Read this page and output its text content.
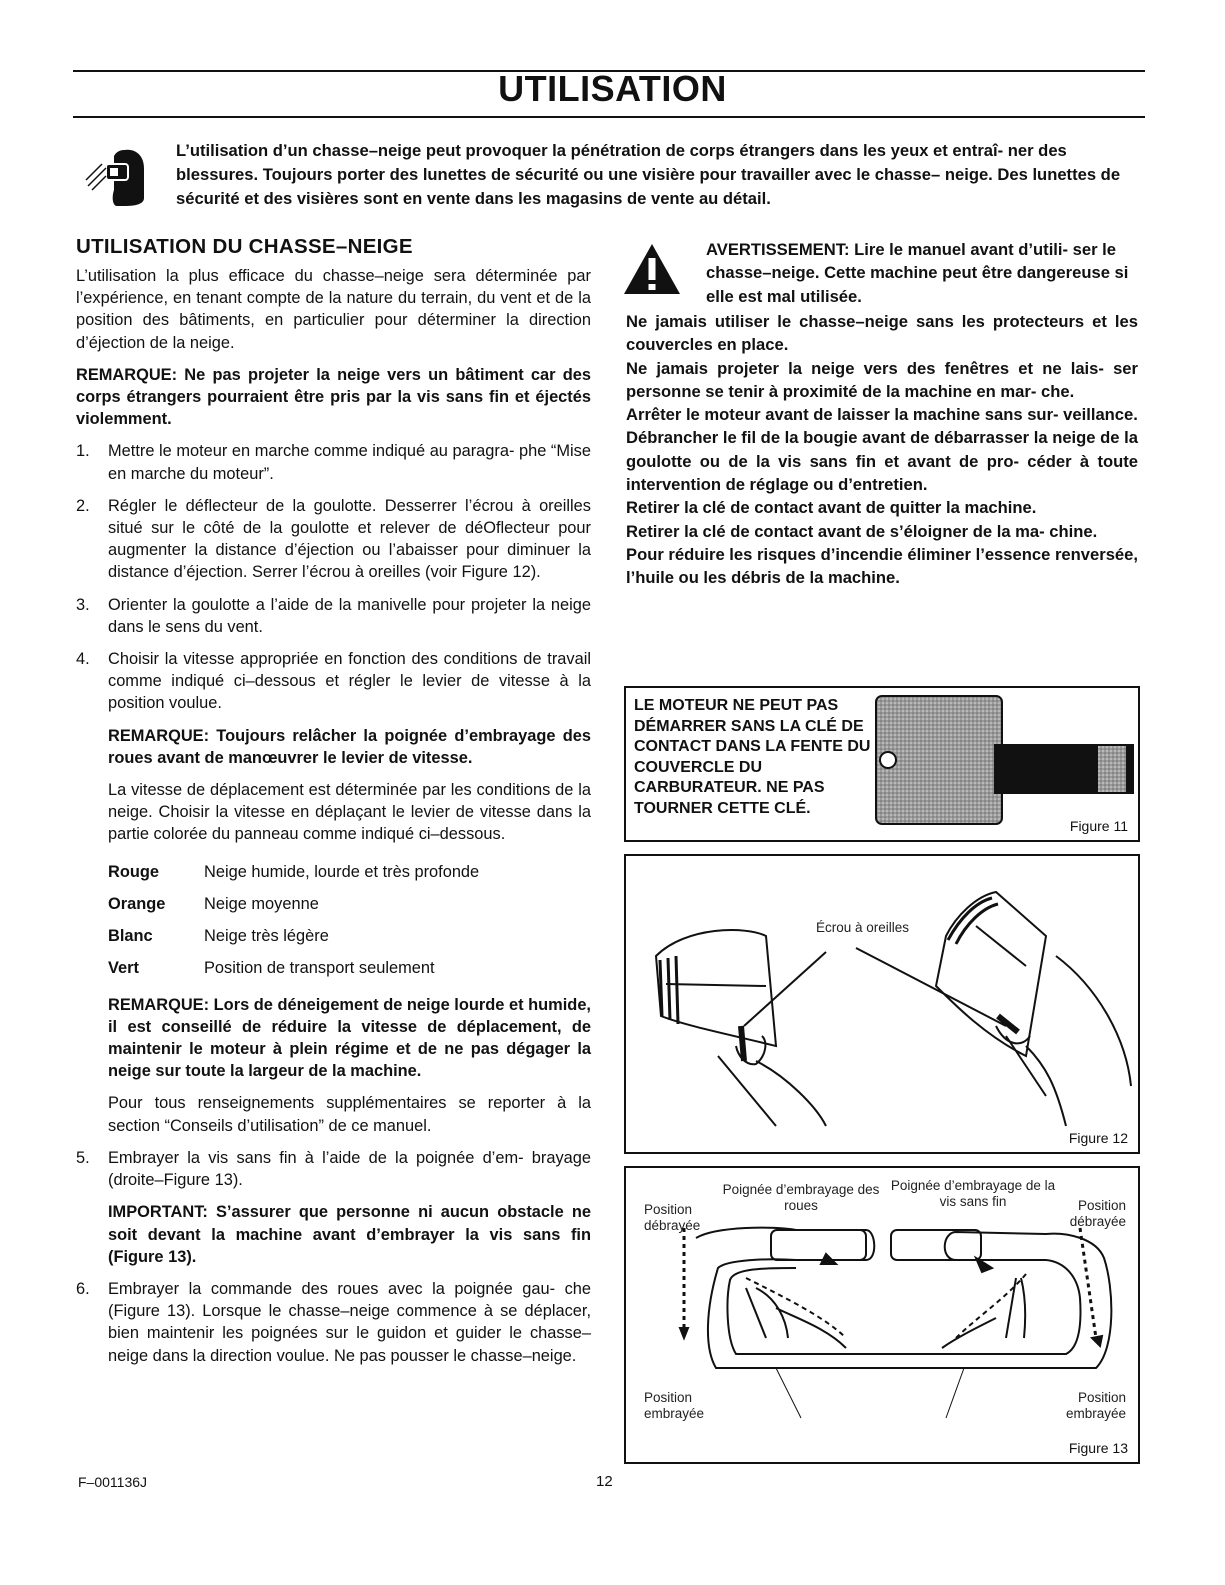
UTILISATION
L’utilisation d’un chasse–neige peut provoquer la pénétration de corps étrangers dans les yeux et entraî- ner des blessures. Toujours porter des lunettes de sécurité ou une visière pour travailler avec le chasse– neige. Des lunettes de sécurité et des visières sont en vente dans les magasins de vente au détail.
UTILISATION DU CHASSE–NEIGE

L’utilisation la plus efficace du chasse–neige sera déterminée par l’expérience, en tenant compte de la nature du terrain, du vent et de la position des bâtiments, en particulier pour déterminer la direction d’éjection de la neige.

REMARQUE: Ne pas projeter la neige vers un bâtiment car des corps étrangers pourraient être pris par la vis sans fin et éjectés violemment.

1. Mettre le moteur en marche comme indiqué au paragra- phe “Mise en marche du moteur”.
2. Régler le déflecteur de la goulotte. Desserrer l’écrou à oreilles situé sur le côté de la goulotte et relever de déOflecteur pour augmenter la distance d’éjection ou l’abaisser pour diminuer la distance d’éjection. Serrer l’écrou à oreilles (voir Figure 12).
3. Orienter la goulotte a l’aide de la manivelle pour projeter la neige dans le sens du vent.
4. Choisir la vitesse appropriée en fonction des conditions de travail comme indiqué ci–dessous et régler le levier de vitesse à la position voulue.
REMARQUE: Toujours relâcher la poignée d’embrayage des roues avant de manœuvrer le levier de vitesse.
La vitesse de déplacement est déterminée par les conditions de la neige. Choisir la vitesse en déplaçant le levier de vitesse dans la partie colorée du panneau comme indiqué ci–dessous.
Rouge	Neige humide, lourde et très profonde
Orange	Neige moyenne
Blanc	Neige très légère
Vert	Position de transport seulement
REMARQUE: Lors de déneigement de neige lourde et humide, il est conseillé de réduire la vitesse de déplacement, de maintenir le moteur à plein régime et de ne pas dégager la neige sur toute la largeur de la machine.
Pour tous renseignements supplémentaires se reporter à la section “Conseils d’utilisation” de ce manuel.
5. Embrayer la vis sans fin à l’aide de la poignée d’em- brayage (droite–Figure 13).
IMPORTANT: S’assurer que personne ni aucun obstacle ne soit devant la machine avant d’embrayer la vis sans fin (Figure 13).
6. Embrayer la commande des roues avec la poignée gau- che (Figure 13). Lorsque le chasse–neige commence à se déplacer, bien maintenir les poignées sur le guidon et guider le chasse–neige dans la direction voulue. Ne pas pousser le chasse–neige.
AVERTISSEMENT: Lire le manuel avant d’utili- ser le chasse–neige. Cette machine peut être dangereuse si elle est mal utilisée.

Ne jamais utiliser le chasse–neige sans les protecteurs et les couvercles en place.

Ne jamais projeter la neige vers des fenêtres et ne lais- ser personne se tenir à proximité de la machine en mar- che.

Arrêter le moteur avant de laisser la machine sans sur- veillance.

Débrancher le fil de la bougie avant de débarrasser la neige de la goulotte ou de la vis sans fin et avant de pro- céder à toute intervention de réglage ou d’entretien.

Retirer la clé de contact avant de quitter la machine.

Retirer la clé de contact avant de s’éloigner de la ma- chine.

Pour réduire les risques d’incendie éliminer l’essence renversée, l’huile ou les débris de la machine.

LE MOTEUR NE PEUT PAS DÉMARRER SANS LA CLÉ DE CONTACT DANS LA FENTE DU COUVERCLE DU CARBURATEUR. NE PAS TOURNER CETTE CLÉ.
Figure 11
Écrou à oreilles
Figure 12
Poignée d’embrayage des roues
Poignée d’embrayage de la vis sans fin
Position débrayée
Position débrayée
Position embrayée
Position embrayée
Figure 13
F–001136J	12
